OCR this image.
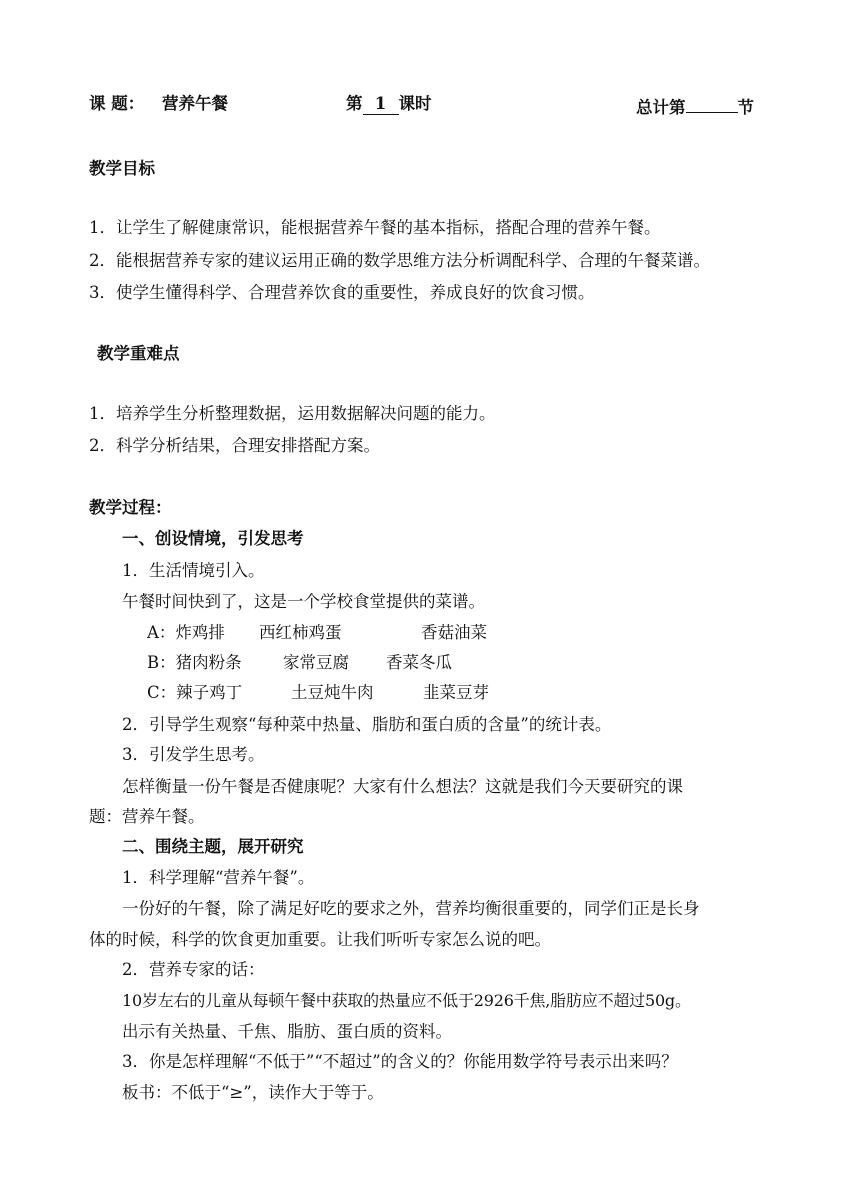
课 题： 营养午餐	第 1 课时	总计第	节
教学目标
1．让学生了解健康常识，能根据营养午餐的基本指标，搭配合理的营养午餐。
2．能根据营养专家的建议运用正确的数学思维方法分析调配科学、合理的午餐菜谱。
3．使学生懂得科学、合理营养饮食的重要性，养成良好的饮食习惯。
教学重难点
1．培养学生分析整理数据，运用数据解决问题的能力。
2．科学分析结果，合理安排搭配方案。
教学过程：
一、创设情境，引发思考
1．生活情境引入。
午餐时间快到了，这是一个学校食堂提供的菜谱。
A：炸鸡排 西红柿鸡蛋	香菇油菜
B：猪肉粉条	家常豆腐 香菜冬瓜
C：辣子鸡丁	土豆炖牛肉	韭菜豆芽
2．引导学生观察“每种菜中热量、脂肪和蛋白质的含量”的统计表。
3．引发学生思考。
怎样衡量一份午餐是否健康呢？大家有什么想法？这就是我们今天要研究的课
题：营养午餐。
二、围绕主题，展开研究
1．科学理解“营养午餐”。
一份好的午餐，除了满足好吃的要求之外，营养均衡很重要的，同学们正是长身
体的时候，科学的饮食更加重要。让我们听听专家怎么说的吧。
2．营养专家的话：
10岁左右的儿童从每顿午餐中获取的热量应不低于2926千焦,脂肪应不超过50g。
出示有关热量、千焦、脂肪、蛋白质的资料。
3．你是怎样理解“不低于”“不超过”的含义的？你能用数学符号表示出来吗？
板书：不低于“≥”，读作大于等于。
